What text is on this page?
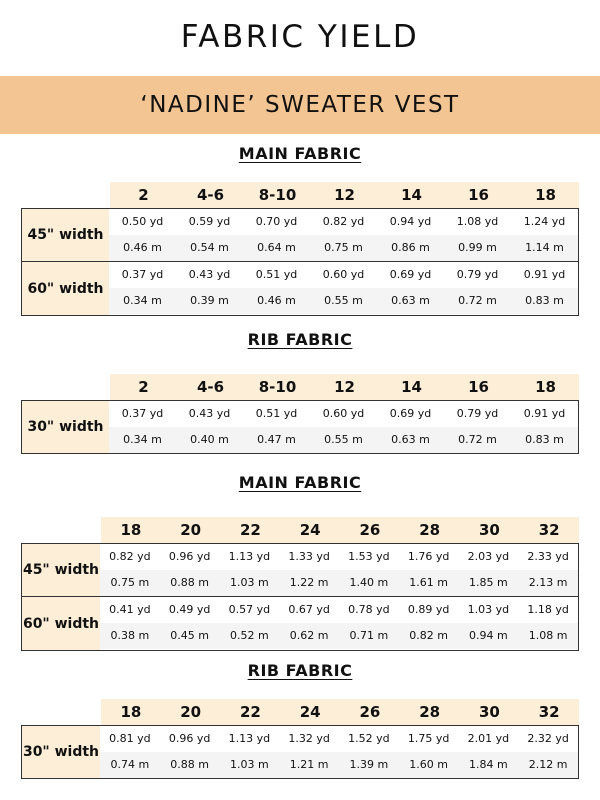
FABRIC YIELD
‘NADINE’ SWEATER VEST
MAIN FABRIC
2	4-6	8-10	12	14	16	18
45" width
0.50 yd	0.59 yd	0.70 yd	0.82 yd	0.94 yd	1.08 yd	1.24 yd
0.46 m	0.54 m	0.64 m	0.75 m	0.86 m	0.99 m	1.14 m
60" width
0.37 yd	0.43 yd	0.51 yd	0.60 yd	0.69 yd	0.79 yd	0.91 yd
0.34 m	0.39 m	0.46 m	0.55 m	0.63 m	0.72 m	0.83 m
RIB FABRIC
2	4-6	8-10	12	14	16	18
30" width
0.37 yd	0.43 yd	0.51 yd	0.60 yd	0.69 yd	0.79 yd	0.91 yd
0.34 m	0.40 m	0.47 m	0.55 m	0.63 m	0.72 m	0.83 m
MAIN FABRIC
18	20	22	24	26	28	30	32
45" width
0.82 yd	0.96 yd	1.13 yd	1.33 yd	1.53 yd	1.76 yd	2.03 yd	2.33 yd
0.75 m	0.88 m	1.03 m	1.22 m	1.40 m	1.61 m	1.85 m	2.13 m
60" width
0.41 yd	0.49 yd	0.57 yd	0.67 yd	0.78 yd	0.89 yd	1.03 yd	1.18 yd
0.38 m	0.45 m	0.52 m	0.62 m	0.71 m	0.82 m	0.94 m	1.08 m
RIB FABRIC
18	20	22	24	26	28	30	32
30" width
0.81 yd	0.96 yd	1.13 yd	1.32 yd	1.52 yd	1.75 yd	2.01 yd	2.32 yd
0.74 m	0.88 m	1.03 m	1.21 m	1.39 m	1.60 m	1.84 m	2.12 m
